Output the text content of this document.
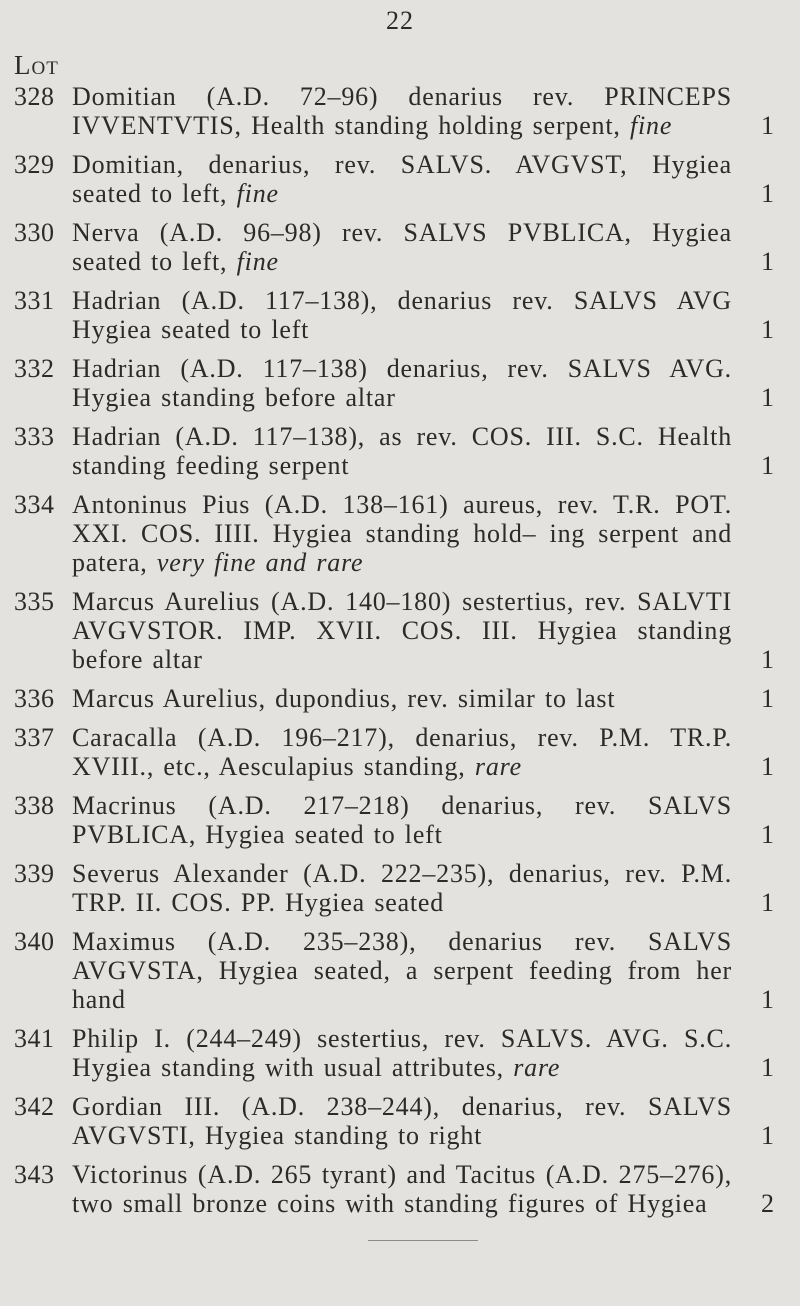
22
Lot
328 Domitian (A.D. 72–96) denarius rev. PRINCEPS IVVENTVTIS, Health standing holding serpent, fine	1
329 Domitian, denarius, rev. SALVS. AVGVST, Hygiea seated to left, fine	1
330 Nerva (A.D. 96–98) rev. SALVS PVBLICA, Hygiea seated to left, fine	1
331 Hadrian (A.D. 117–138), denarius rev. SALVS AVG Hygiea seated to left	1
332 Hadrian (A.D. 117–138) denarius, rev. SALVS AVG. Hygiea standing before altar	1
333 Hadrian (A.D. 117–138), as rev. COS. III. S.C. Health standing feeding serpent	1
334 Antoninus Pius (A.D. 138–161) aureus, rev. T.R. POT. XXI. COS. IIII. Hygiea standing hold– ing serpent and patera, very fine and rare
335 Marcus Aurelius (A.D. 140–180) sestertius, rev. SALVTI AVGVSTOR. IMP. XVII. COS. III. Hygiea standing before altar	1
336 Marcus Aurelius, dupondius, rev. similar to last	1
337 Caracalla (A.D. 196–217), denarius, rev. P.M. TR.P. XVIII., etc., Aesculapius standing, rare	1
338 Macrinus (A.D. 217–218) denarius, rev. SALVS PVBLICA, Hygiea seated to left	1
339 Severus Alexander (A.D. 222–235), denarius, rev. P.M. TRP. II. COS. PP. Hygiea seated	1
340 Maximus (A.D. 235–238), denarius rev. SALVS AVGVSTA, Hygiea seated, a serpent feeding from her hand	1
341 Philip I. (244–249) sestertius, rev. SALVS. AVG. S.C. Hygiea standing with usual attributes, rare	1
342 Gordian III. (A.D. 238–244), denarius, rev. SALVS AVGVSTI, Hygiea standing to right	1
343 Victorinus (A.D. 265 tyrant) and Tacitus (A.D. 275–276), two small bronze coins with standing figures of Hygiea	2
